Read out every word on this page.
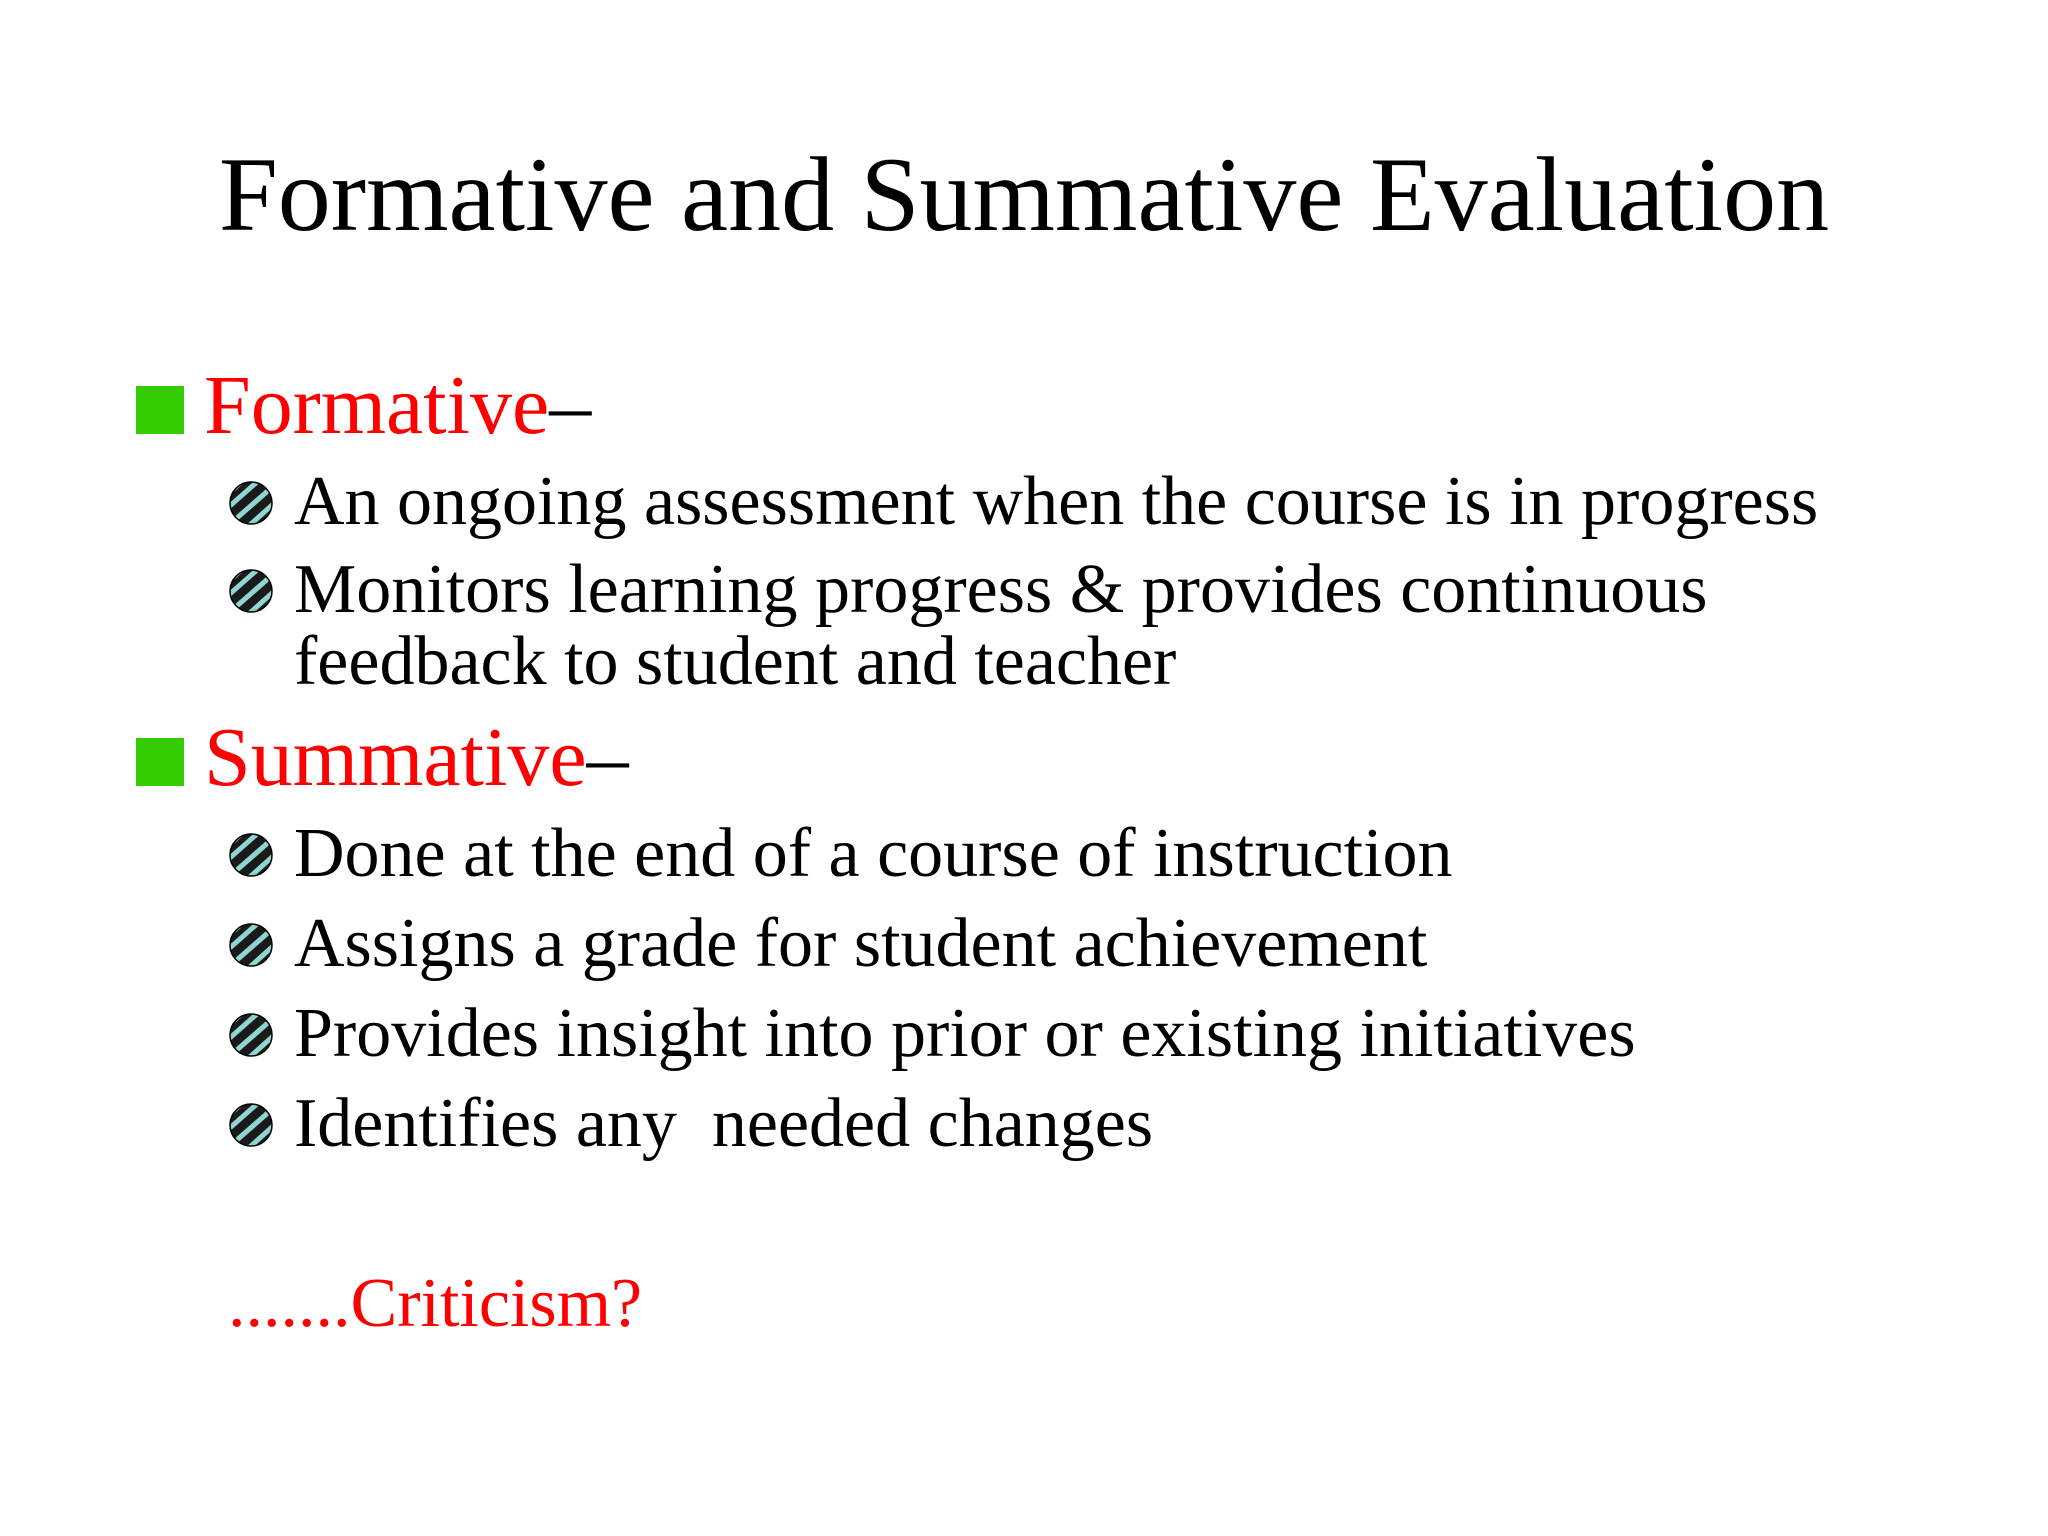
Formative and Summative Evaluation
Formative –
An ongoing assessment when the course is in progress
Monitors learning progress & provides continuous
feedback to student and teacher
Summative –
Done at the end of a course of instruction
Assigns a grade for student achievement
Provides insight into prior or existing initiatives
Identifies any  needed changes
.......Criticism?
